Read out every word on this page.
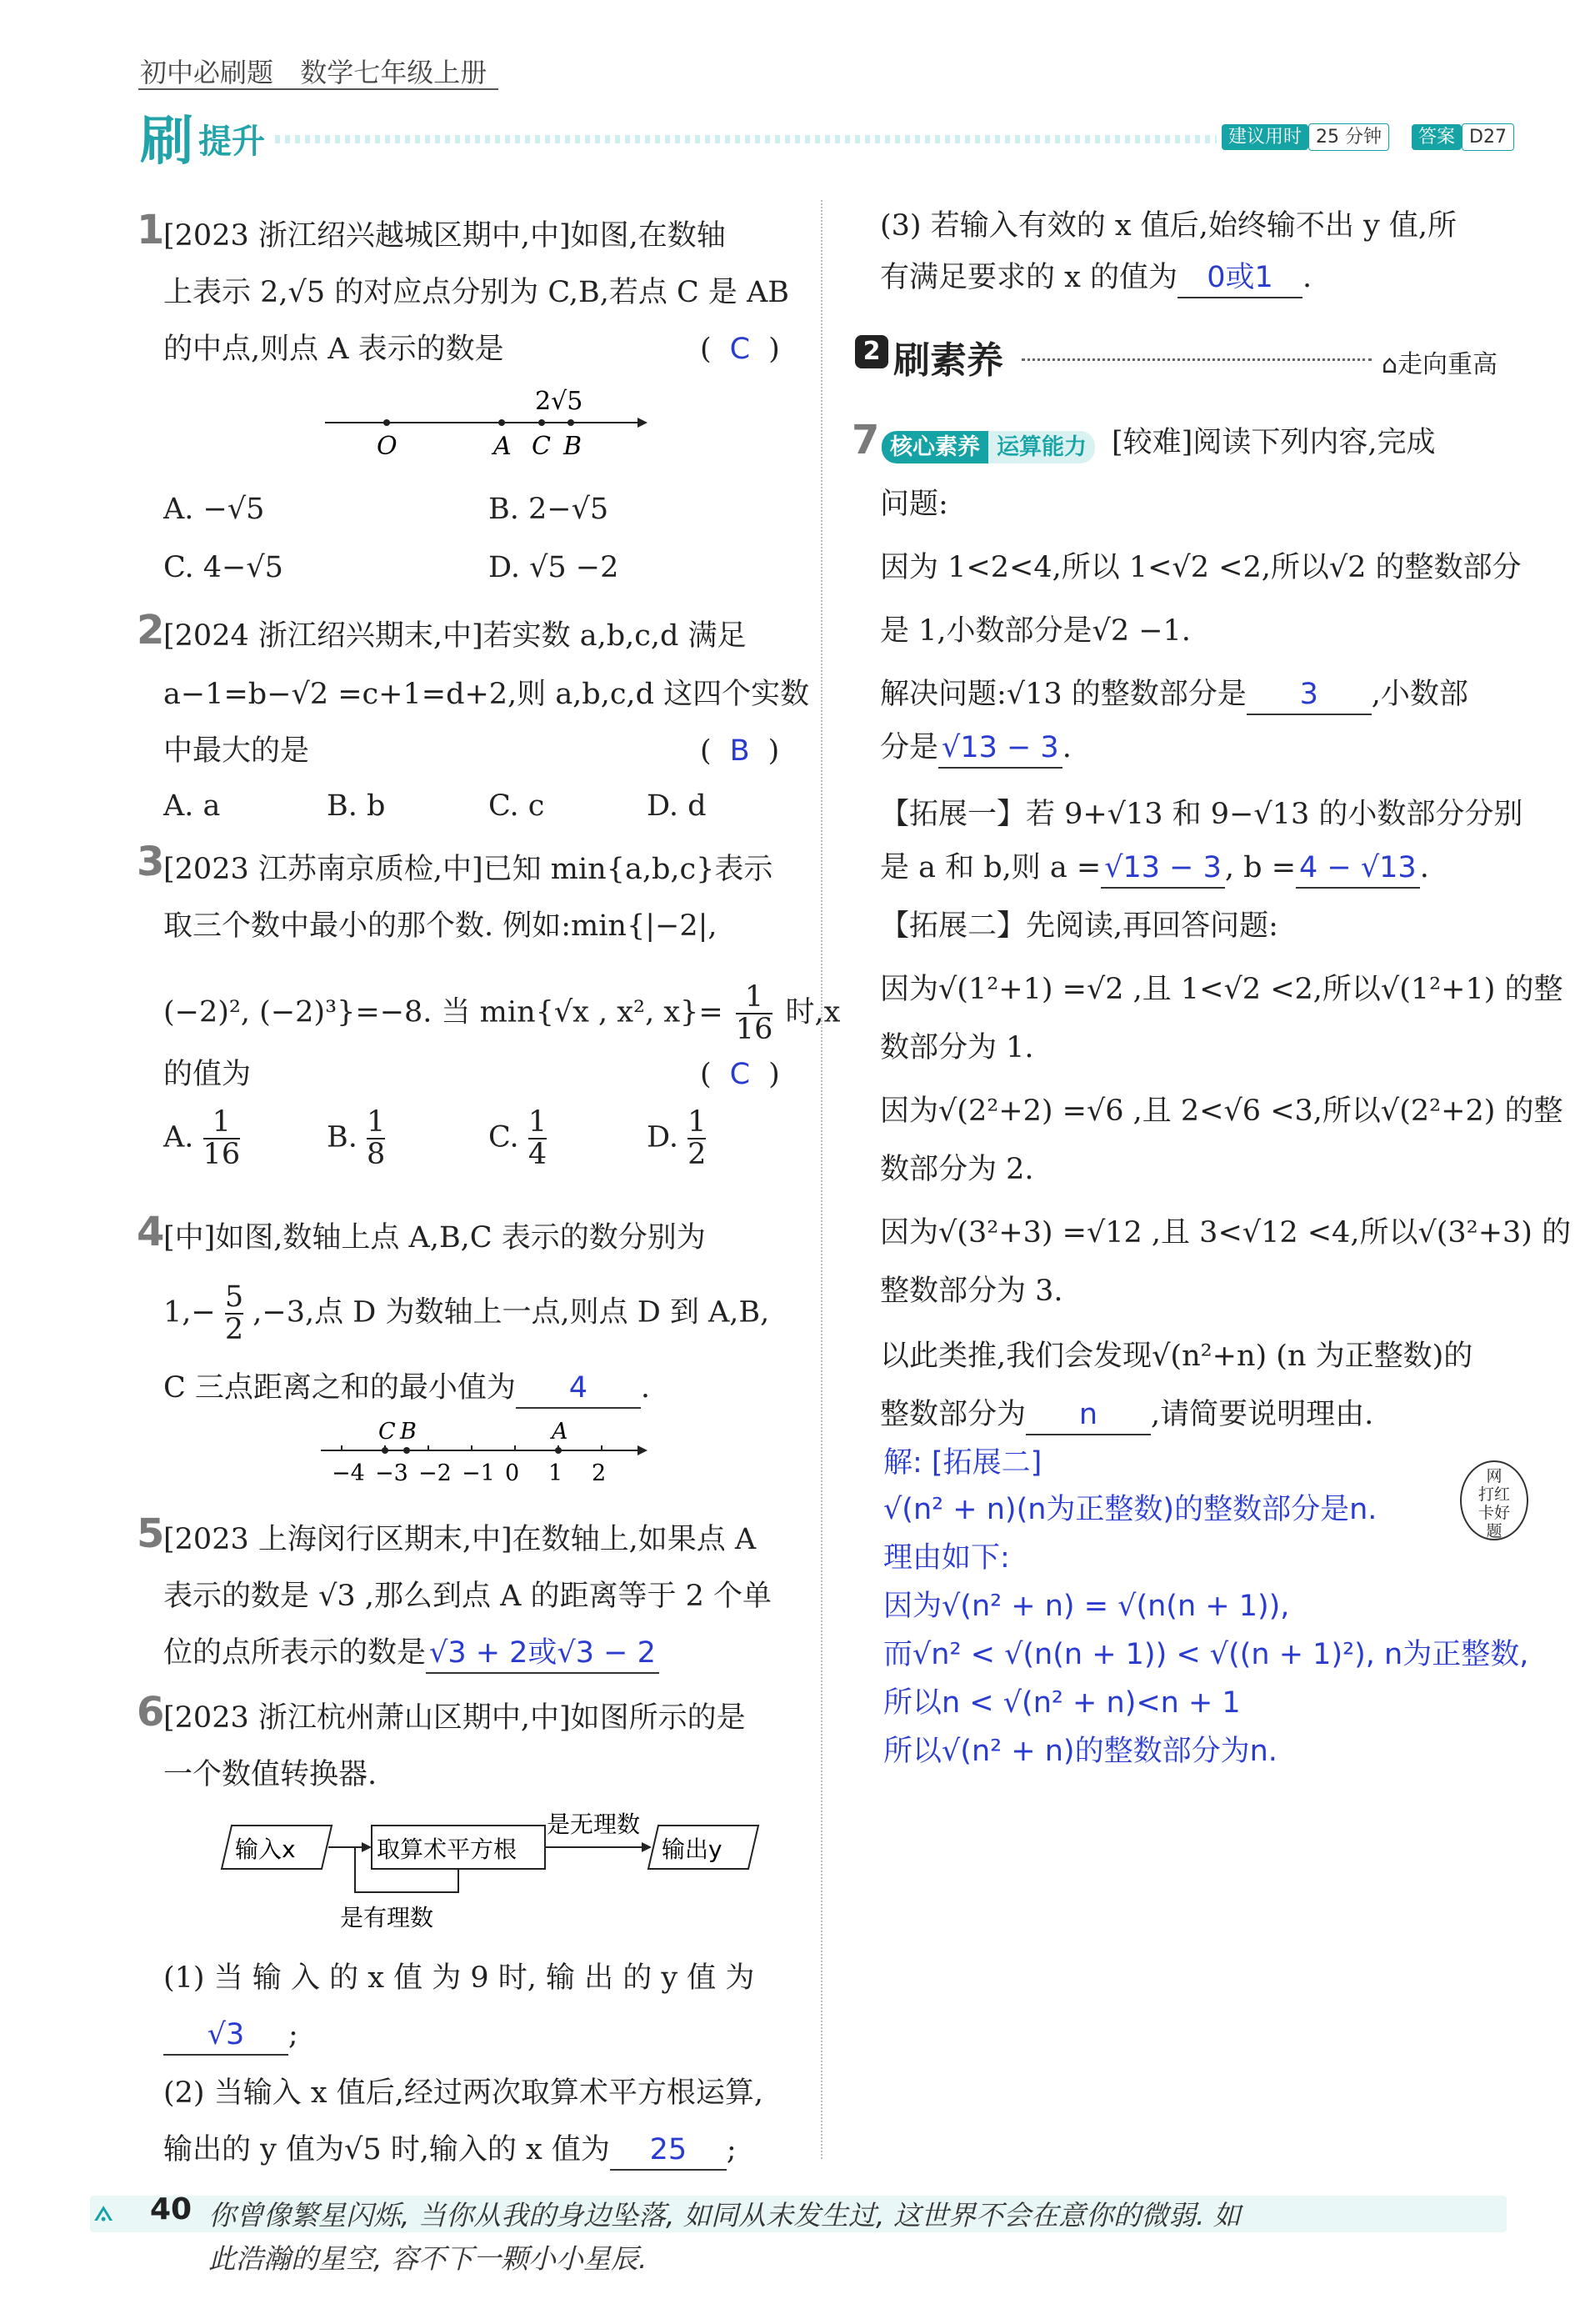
初中必刷题 数学七年级上册
刷 提升	建议用时 25 分钟	答案 D27
1
[2023 浙江绍兴越城区期中,中]如图,在数轴
上表示 2,√5 的对应点分别为 C,B,若点 C 是 AB
的中点,则点 A 表示的数是	( C )
2√5
O	A C B
A. −√5	B. 2−√5
C. 4−√5	D. √5 −2
2
[2024 浙江绍兴期末,中]若实数 a,b,c,d 满足
a−1=b−√2 =c+1=d+2,则 a,b,c,d 这四个实数
中最大的是	( B )
A. a	B. b	C. c	D. d
3
[2023 江苏南京质检,中]已知 min{a,b,c}表示
取三个数中最小的那个数. 例如:min{|−2|,
(−2)², (−2)³}=−8. 当 min{√x , x², $x\}= \frac{1}{16}$ 时,x
的值为	( C )
A. $\frac{1}{16}$	B. $\frac{1}{8}$	C. $\frac{1}{4}$	D. $\frac{1}{2}$
4
[中]如图,数轴上点 A,B,C 表示的数分别为
$1,- \frac{5}{2} ,-3$,点 D 为数轴上一点,则点 D 到 A,B,
C 三点距离之和的最小值为 4 .
−4 −3 −2 −1 0 1 2
C B	A
5
[2023 上海闵行区期末,中]在数轴上,如果点 A
表示的数是 √3 ,那么到点 A 的距离等于 2 个单
位的点所表示的数是 √3 + 2或√3 − 2
6
[2023 浙江杭州萧山区期中,中]如图所示的是
一个数值转换器.
输入x	取算术平方根
是无理数
输出y
是有理数
(1) 当 输 入 的 x 值 为 9 时, 输 出 的 y 值 为
√3 ;
(2) 当输入 x 值后,经过两次取算术平方根运算,
输出的 y 值为√5 时,输入的 x 值为 25 ;
(3) 若输入有效的 x 值后,始终输不出 y 值,所
有满足要求的 x 的值为 0或1 .
2 刷素养	⌂走向重高
7 核心素养 运算能力 [较难]阅读下列内容,完成
问题:
因为 1<2<4,所以 1<√2 <2,所以√2 的整数部分
是 1,小数部分是√2 −1.
解决问题:√13 的整数部分是 3 ,小数部
分是 √13 − 3 .
【拓展一】若 9+√13 和 9−√13 的小数部分分别
是 a 和 b,则 a = √13 − 3 , b = 4 − √13 .
【拓展二】先阅读,再回答问题:
因为√(1²+1) =√2 ,且 1<√2 <2,所以√(1²+1) 的整
数部分为 1.
因为√(2²+2) =√6 ,且 2<√6 <3,所以√(2²+2) 的整
数部分为 2.
因为√(3²+3) =√12 ,且 3<√12 <4,所以√(3²+3) 的
整数部分为 3.
以此类推,我们会发现√(n²+n) (n 为正整数)的
整数部分为 n ,请简要说明理由.
解: [拓展二]
√(n² + n)(n为正整数)的整数部分是n.
理由如下:
因为√(n² + n) = √(n(n + 1)),
而√n² < √(n(n + 1)) < √((n + 1)²), n为正整数,
所以n < √(n² + n)<n + 1
所以√(n² + n)的整数部分为n.
网
打红
卡好
题
⟑ 40 你曾像繁星闪烁, 当你从我的身边坠落, 如同从未发生过, 这世界不会在意你的微弱. 如
此浩瀚的星空, 容不下一颗小小星辰.
